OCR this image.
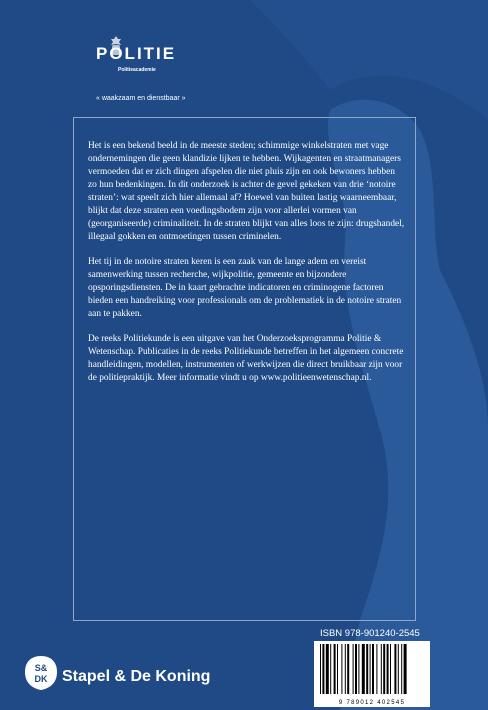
POLITIE
Politieacademie
« waakzaam en dienstbaar »

Het is een bekend beeld in de meeste steden; schimmige winkelstraten met vage ondernemingen die geen klandizie lijken te hebben. Wijkagenten en straatmanagers vermoeden dat er zich dingen afspelen die niet pluis zijn en ook bewoners hebben zo hun bedenkingen. In dit onderzoek is achter de gevel gekeken van drie ‘notoire straten’: wat speelt zich hier allemaal af? Hoewel van buiten lastig waarneembaar, blijkt dat deze straten een voedingsbodem zijn voor allerlei vormen van (georganiseerde) criminaliteit. In de straten blijkt van alles loos te zijn: drugshandel, illegaal gokken en ontmoetingen tussen criminelen.

Het tij in de notoire straten keren is een zaak van de lange adem en vereist samenwerking tussen recherche, wijkpolitie, gemeente en bijzondere opsporingsdiensten. De in kaart gebrachte indicatoren en criminogene factoren bieden een handreiking voor professionals om de problematiek in de notoire straten aan te pakken.

De reeks Politiekunde is een uitgave van het Onderzoeksprogramma Politie & Wetenschap. Publicaties in de reeks Politiekunde betreffen in het algemeen concrete handleidingen, modellen, instrumenten of werkwijzen die direct bruikbaar zijn voor de politiepraktijk. Meer informatie vindt u op www.politieenwetenschap.nl.

ISBN 978-901240-2545
9 789012 402545
S&
DK Stapel & De Koning
